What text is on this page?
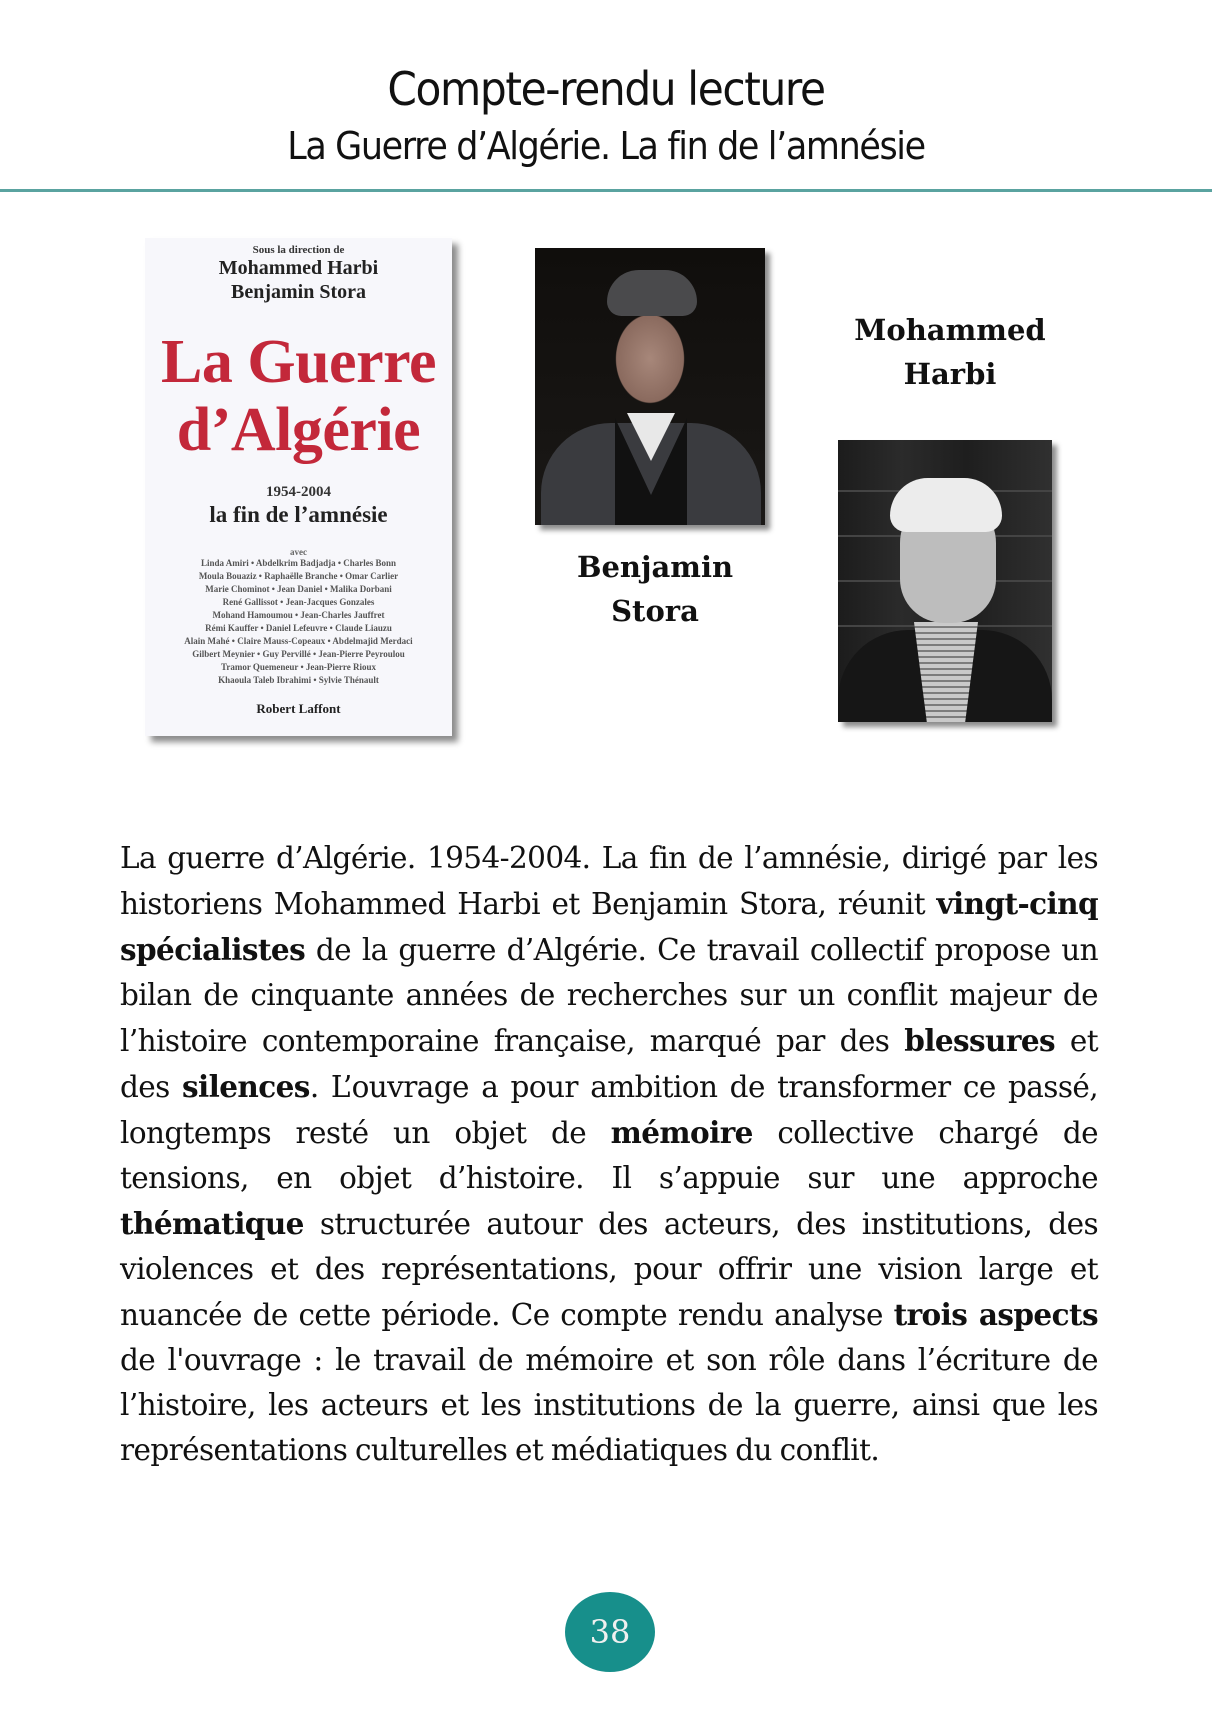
Compte-rendu lecture
La Guerre d’Algérie. La fin de l’amnésie
Sous la direction de
Mohammed Harbi
Benjamin Stora
La Guerre
d’Algérie
1954-2004
la fin de l’amnésie
avec
Linda Amiri • Abdelkrim Badjadja • Charles Bonn
Moula Bouaziz • Raphaëlle Branche • Omar Carlier
Marie Chominot • Jean Daniel • Malika Dorbani
René Gallissot • Jean-Jacques Gonzales
Mohand Hamoumou • Jean-Charles Jauffret
Rémi Kauffer • Daniel Lefeuvre • Claude Liauzu
Alain Mahé • Claire Mauss-Copeaux • Abdelmajid Merdaci
Gilbert Meynier • Guy Pervillé • Jean-Pierre Peyroulou
Tramor Quemeneur • Jean-Pierre Rioux
Khaoula Taleb Ibrahimi • Sylvie Thénault
Robert Laffont
Benjamin
Stora
Mohammed
Harbi
La guerre d’Algérie. 1954-2004. La fin de l’amnésie, dirigé par les historiens Mohammed Harbi et Benjamin Stora, réunit vingt-cinq spécialistes de la guerre d’Algérie. Ce travail collectif propose un bilan de cinquante années de recherches sur un conflit majeur de l’histoire contemporaine française, marqué par des blessures et des silences. L’ouvrage a pour ambition de transformer ce passé, longtemps resté un objet de mémoire collective chargé de tensions, en objet d’histoire. Il s’appuie sur une approche thématique structurée autour des acteurs, des institutions, des violences et des représentations, pour offrir une vision large et nuancée de cette période. Ce compte rendu analyse trois aspects de l'ouvrage : le travail de mémoire et son rôle dans l’écriture de l’histoire, les acteurs et les institutions de la guerre, ainsi que les représentations culturelles et médiatiques du conflit.
38
